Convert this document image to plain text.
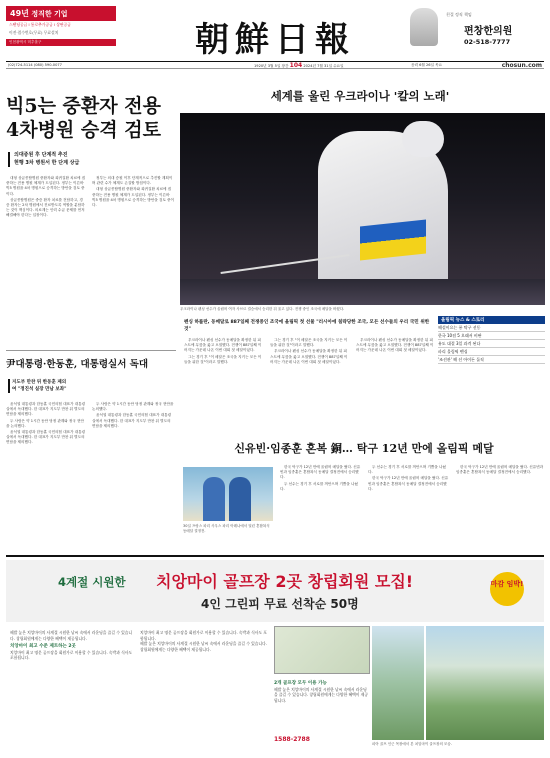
49년 정직한 기업
스탠딩공급 l 통로추가공급 l 상판공급
이전·접수번호(무료) 무료설치
인천광역시 미추홀구	朝鮮日報
친절 정직 책임
편창한의원
02-518-7777
(02)724-5114 (080) 590-0077	1920년 3월 5일 창간 104 2024년 7월 31일 수요일	음력 6월 26일 목요	chosun.com
빅5는 중환자 전용
4차병원 승격 검토
의대증원 후 단계적 추진
현행 3차 병원서 한 단계 상급

대형 상급종합병원 중환자와 희귀질환 치료에 집중하는 전용 병원 체계가 도입된다. 정부는 이른바 빅5 병원을 4차 병원으로 승격하는 방안을 검토 중이다.

상급종합병원은 중증 환자 치료를 전담하고, 경증 환자는 2차 병원에서 진료받도록 역할을 분담하는 것이 핵심이다. 의료계는 인력 수급 문제를 먼저 해결해야 한다는 입장이다.

정부는 의대 증원 이후 단계적으로 추진할 계획이며 관련 수가 체계도 손질할 방침이다.

대형 상급종합병원 중환자와 희귀질환 치료에 집중하는 전용 병원 체계가 도입된다. 정부는 이른바 빅5 병원을 4차 병원으로 승격하는 방안을 검토 중이다.

세계를 울린 우크라이나 '칼의 노래'
우크라이나 펜싱 선수가 올림픽 여자 사브르 결승에서 승리한 뒤 울고 있다. 전쟁 중인 조국에 메달을 바쳤다.
펜싱 하를란, 동메달로 887일째 전쟁중인 조국에 올림픽 첫 선물 "러시아에 침략당한 조국, 모든 선수들의 우리 국민 위한 것"

우크라이나 펜싱 선수가 동메달을 확정한 뒤 피스트에 무릎을 꿇고 오열했다. 전쟁이 887일째 이어지는 가운데 나온 이번 대회 첫 메달이었다.

그는 경기 후 "이 메달은 조국을 지키는 모든 이들을 위한 것"이라고 말했다.

그는 경기 후 "이 메달은 조국을 지키는 모든 이들을 위한 것"이라고 말했다.

우크라이나 펜싱 선수가 동메달을 확정한 뒤 피스트에 무릎을 꿇고 오열했다. 전쟁이 887일째 이어지는 가운데 나온 이번 대회 첫 메달이었다.

우크라이나 펜싱 선수가 동메달을 확정한 뒤 피스트에 무릎을 꿇고 오열했다. 전쟁이 887일째 이어지는 가운데 나온 이번 대회 첫 메달이었다.

올림픽 뉴스 & 스토리
해설이으는 퐁 탁구 선동
한국 10점 5 오래서 비판
유도 대결 3일 과격 된다
파리 올림픽 펜싱
'조선관' 해 선 아이돈 돌직
尹대통령·한동훈, 대통령실서 독대
지도부 만찬 뒤 한동훈 제의
여 "정진석 실장 만남 보좌"

윤석열 대통령과 한동훈 국민의힘 대표가 대통령실에서 독대했다. 한 대표가 지도부 만찬 뒤 별도의 면담을 제의했다.

두 사람은 약 1시간 동안 당정 관계와 정국 현안을 논의했다.

윤석열 대통령과 한동훈 국민의힘 대표가 대통령실에서 독대했다. 한 대표가 지도부 만찬 뒤 별도의 면담을 제의했다.

두 사람은 약 1시간 동안 당정 관계와 정국 현안을 논의했다.

윤석열 대통령과 한동훈 국민의힘 대표가 대통령실에서 독대했다. 한 대표가 지도부 만찬 뒤 별도의 면담을 제의했다.

신유빈·임종훈 혼복 銅… 탁구 12년 만에 올림픽 메달
30일 프랑스 파리 사우스 파리 아레나에서 열린 혼합복식 동메달 결정전.

한국 탁구가 12년 만에 올림픽 메달을 땄다. 신유빈과 임종훈은 혼합복식 동메달 결정전에서 승리했다.

두 선수는 경기 후 서로를 껴안으며 기쁨을 나눴다.

두 선수는 경기 후 서로를 껴안으며 기쁨을 나눴다.

한국 탁구가 12년 만에 올림픽 메달을 땄다. 신유빈과 임종훈은 혼합복식 동메달 결정전에서 승리했다.

한국 탁구가 12년 만에 올림픽 메달을 땄다. 신유빈과 임종훈은 혼합복식 동메달 결정전에서 승리했다.

4계절 시원한 치앙마이 골프장 2곳 창립회원 모집!
4인 그린피 무료 선착순 50명
마감 임박!
해발 높은 치앙마이의 사계절 시원한 날씨 속에서 라운딩을 즐길 수 있습니다. 창립회원에게는 다양한 혜택이 제공됩니다.
치앙마이 최고 수준 제트하는 2곳
치앙마이 최고 명문 골프장을 회원가로 이용할 수 있습니다. 숙박과 식사도 포함됩니다.
치앙마이 최고 명문 골프장을 회원가로 이용할 수 있습니다. 숙박과 식사도 포함됩니다.
해발 높은 치앙마이의 사계절 시원한 날씨 속에서 라운딩을 즐길 수 있습니다. 창립회원에게는 다양한 혜택이 제공됩니다.
2개 골프장 모두 이용 가능
해발 높은 치앙마이의 사계절 시원한 날씨 속에서 라운딩을 즐길 수 있습니다. 창립회원에게는 다양한 혜택이 제공됩니다.
1588-2788
피아 골프 인근 목장에서 본 치앙마이 골프장의 모습.
